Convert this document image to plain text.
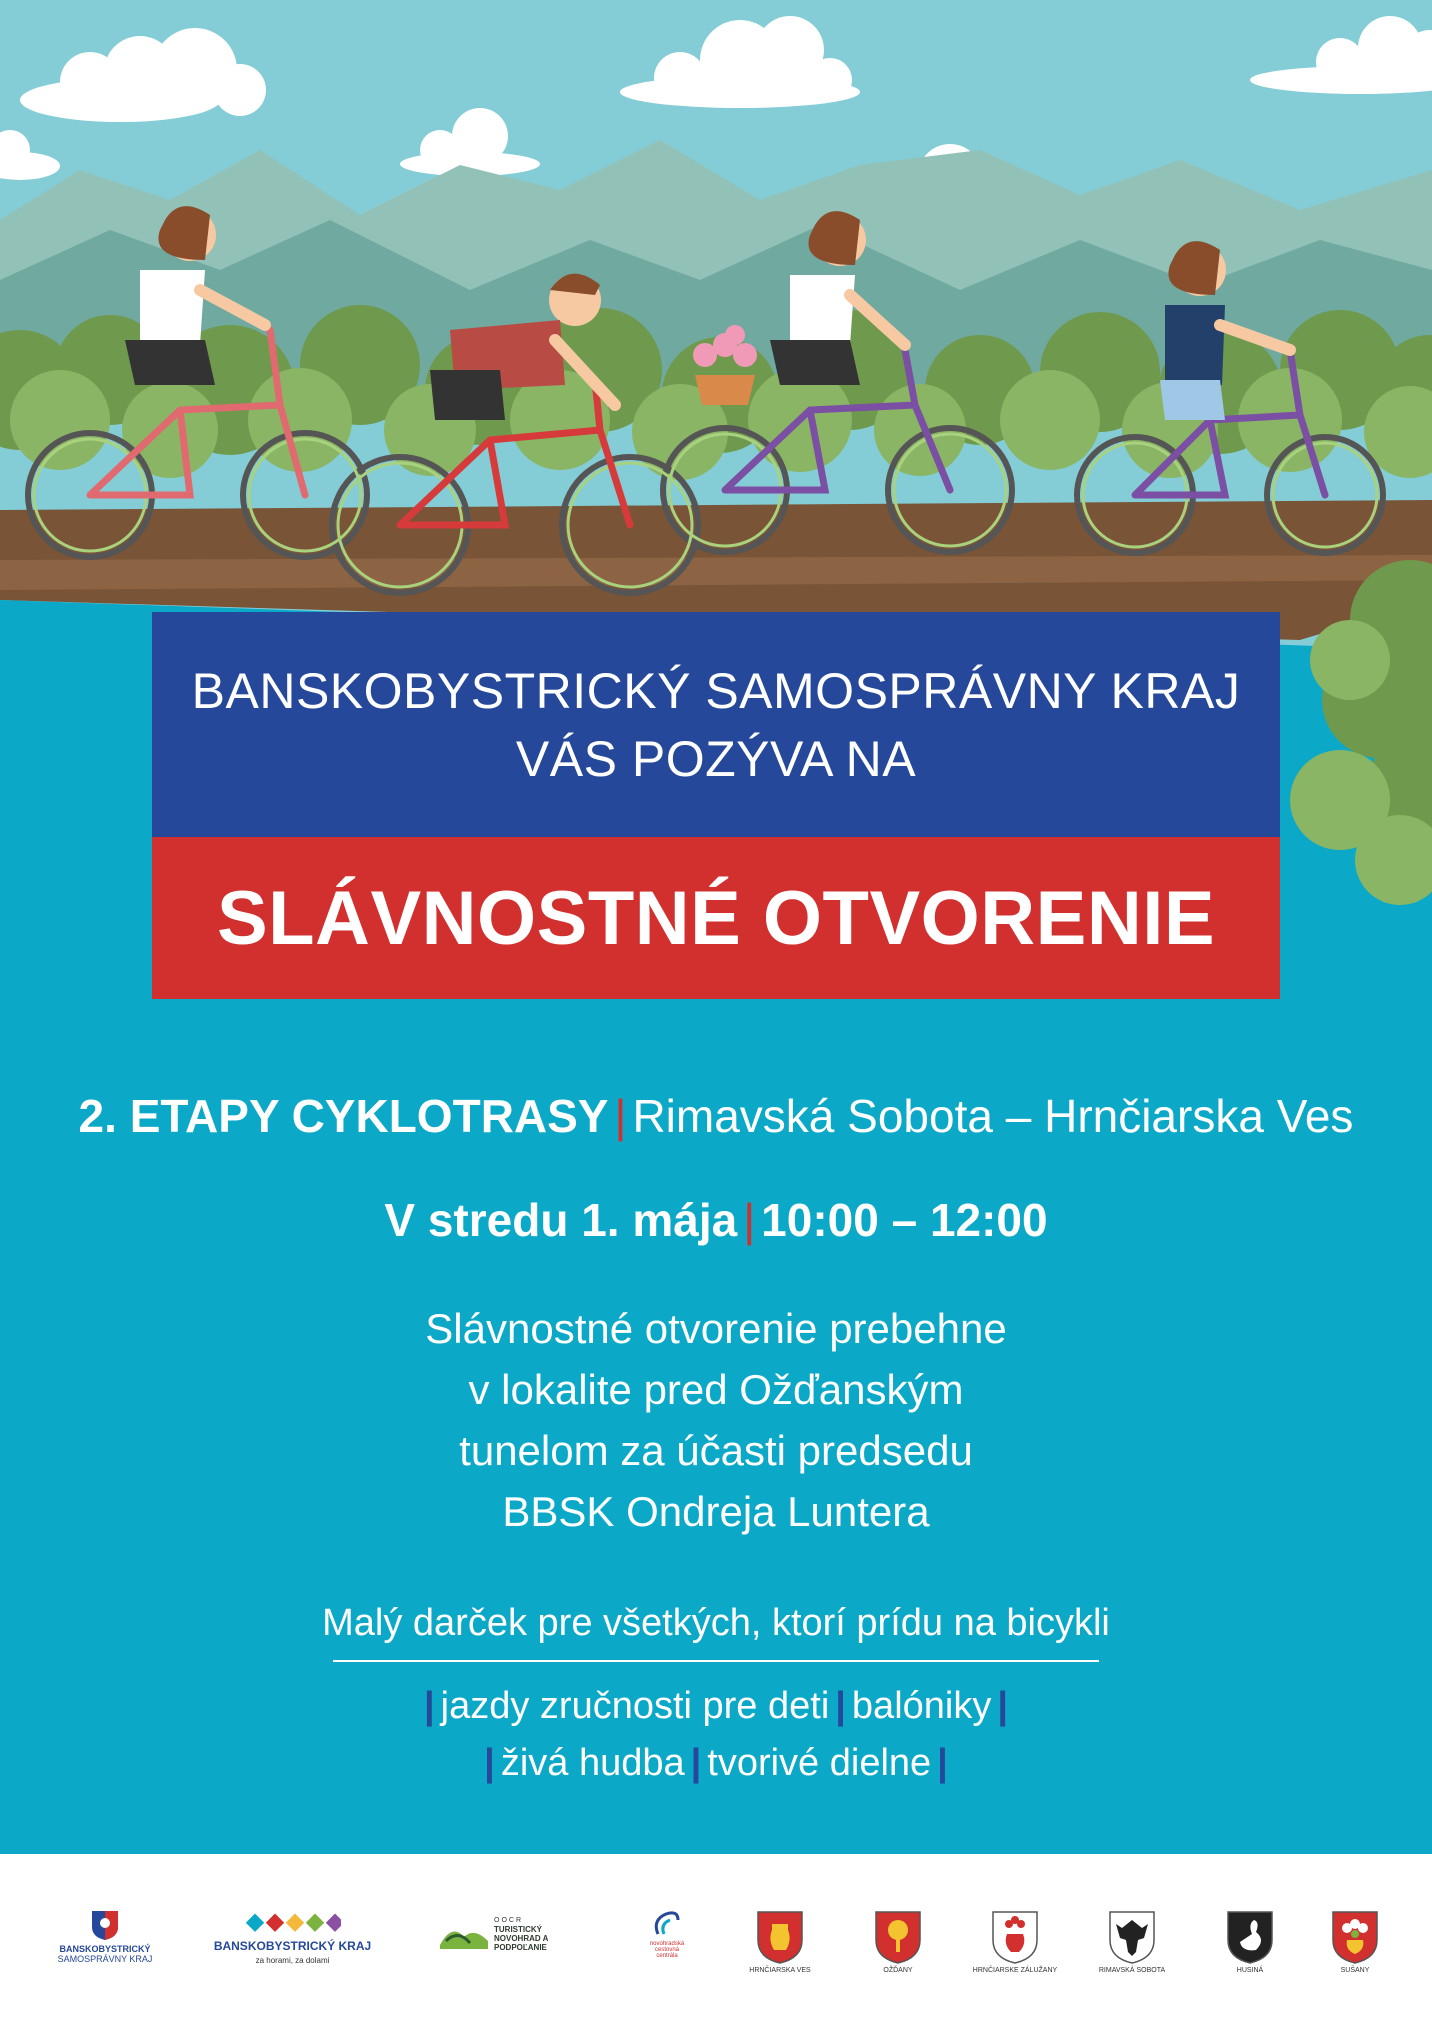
BANSKOBYSTRICKÝ SAMOSPRÁVNY KRAJ
VÁS POZÝVA NA
SLÁVNOSTNÉ OTVORENIE
2. ETAPY CYKLOTRASY | Rimavská Sobota – Hrnčiarska Ves
V stredu 1. mája | 10:00 – 12:00
Slávnostné otvorenie prebehne
v lokalite pred Ožďanským
tunelom za účasti predsedu
BBSK Ondreja Luntera
Malý darček pre všetkých, ktorí prídu na bicykli
| jazdy zručnosti pre deti | balóniky |
| živá hudba | tvorivé dielne |
BANSKOBYSTRICKÝ
SAMOSPRÁVNY KRAJ
BANSKOBYSTRICKÝ KRAJ
za horami, za dolami
OOCR
TURISTICKÝ
NOVOHRAD A
PODPOĽANIE	novohradská
cestovná
centrála
HRNČIARSKA VES	OŽĎANY	HRNČIARSKE ZÁLUŽANY	RIMAVSKÁ SOBOTA	HUSINÁ	SUŠANY
